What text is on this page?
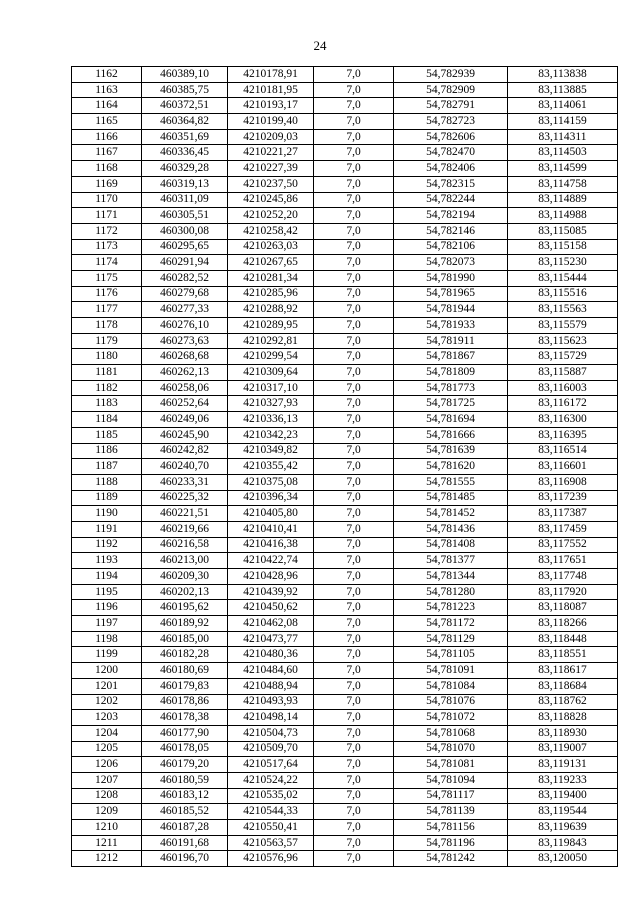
24
1162	460389,10	4210178,91	7,0	54,782939	83,113838
1163	460385,75	4210181,95	7,0	54,782909	83,113885
1164	460372,51	4210193,17	7,0	54,782791	83,114061
1165	460364,82	4210199,40	7,0	54,782723	83,114159
1166	460351,69	4210209,03	7,0	54,782606	83,114311
1167	460336,45	4210221,27	7,0	54,782470	83,114503
1168	460329,28	4210227,39	7,0	54,782406	83,114599
1169	460319,13	4210237,50	7,0	54,782315	83,114758
1170	460311,09	4210245,86	7,0	54,782244	83,114889
1171	460305,51	4210252,20	7,0	54,782194	83,114988
1172	460300,08	4210258,42	7,0	54,782146	83,115085
1173	460295,65	4210263,03	7,0	54,782106	83,115158
1174	460291,94	4210267,65	7,0	54,782073	83,115230
1175	460282,52	4210281,34	7,0	54,781990	83,115444
1176	460279,68	4210285,96	7,0	54,781965	83,115516
1177	460277,33	4210288,92	7,0	54,781944	83,115563
1178	460276,10	4210289,95	7,0	54,781933	83,115579
1179	460273,63	4210292,81	7,0	54,781911	83,115623
1180	460268,68	4210299,54	7,0	54,781867	83,115729
1181	460262,13	4210309,64	7,0	54,781809	83,115887
1182	460258,06	4210317,10	7,0	54,781773	83,116003
1183	460252,64	4210327,93	7,0	54,781725	83,116172
1184	460249,06	4210336,13	7,0	54,781694	83,116300
1185	460245,90	4210342,23	7,0	54,781666	83,116395
1186	460242,82	4210349,82	7,0	54,781639	83,116514
1187	460240,70	4210355,42	7,0	54,781620	83,116601
1188	460233,31	4210375,08	7,0	54,781555	83,116908
1189	460225,32	4210396,34	7,0	54,781485	83,117239
1190	460221,51	4210405,80	7,0	54,781452	83,117387
1191	460219,66	4210410,41	7,0	54,781436	83,117459
1192	460216,58	4210416,38	7,0	54,781408	83,117552
1193	460213,00	4210422,74	7,0	54,781377	83,117651
1194	460209,30	4210428,96	7,0	54,781344	83,117748
1195	460202,13	4210439,92	7,0	54,781280	83,117920
1196	460195,62	4210450,62	7,0	54,781223	83,118087
1197	460189,92	4210462,08	7,0	54,781172	83,118266
1198	460185,00	4210473,77	7,0	54,781129	83,118448
1199	460182,28	4210480,36	7,0	54,781105	83,118551
1200	460180,69	4210484,60	7,0	54,781091	83,118617
1201	460179,83	4210488,94	7,0	54,781084	83,118684
1202	460178,86	4210493,93	7,0	54,781076	83,118762
1203	460178,38	4210498,14	7,0	54,781072	83,118828
1204	460177,90	4210504,73	7,0	54,781068	83,118930
1205	460178,05	4210509,70	7,0	54,781070	83,119007
1206	460179,20	4210517,64	7,0	54,781081	83,119131
1207	460180,59	4210524,22	7,0	54,781094	83,119233
1208	460183,12	4210535,02	7,0	54,781117	83,119400
1209	460185,52	4210544,33	7,0	54,781139	83,119544
1210	460187,28	4210550,41	7,0	54,781156	83,119639
1211	460191,68	4210563,57	7,0	54,781196	83,119843
1212	460196,70	4210576,96	7,0	54,781242	83,120050
